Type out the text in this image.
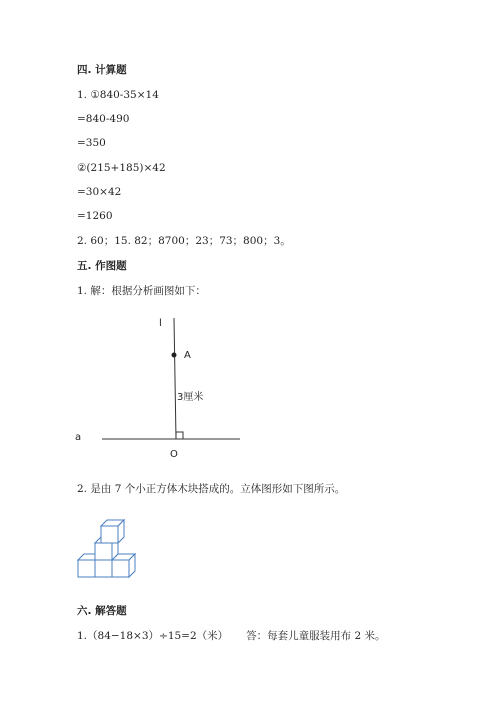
四. 计算题
1. ①840-35×14
=840-490
=350
②(215+185)×42
=30×42
=1260
2. 60；15. 82；8700；23；73；800；3。
五. 作图题
1. 解：根据分析画图如下：
l
A
3厘米
a
O
2. 是由 7 个小正方体木块搭成的。立体图形如下图所示。
六. 解答题
1.（84−18×3）÷15=2（米） 答：每套儿童服装用布 2 米。
